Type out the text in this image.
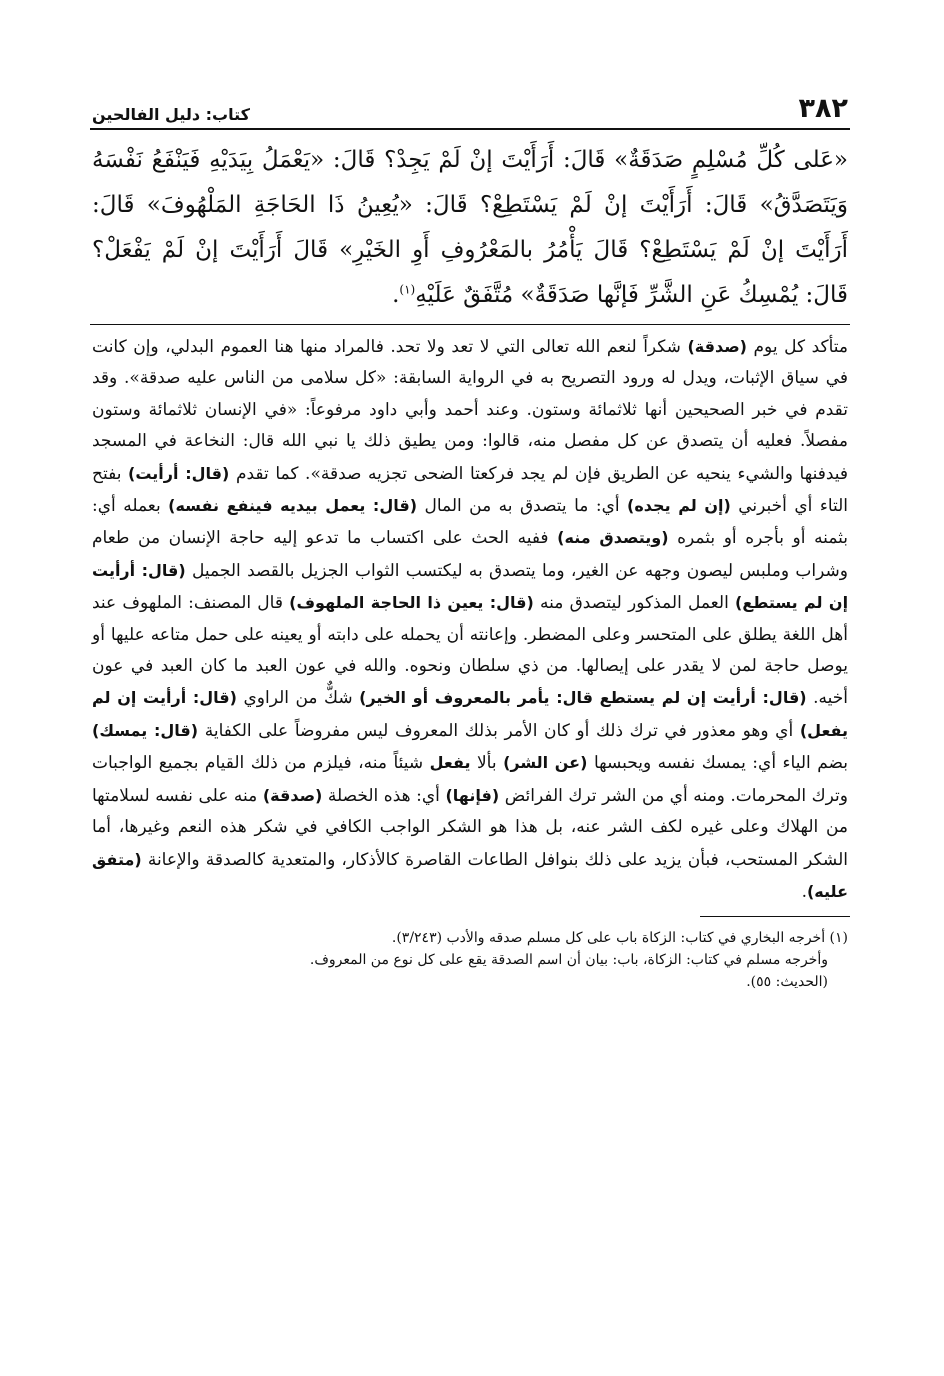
٣٨٢
كتاب: دليل الفالحين
«عَلى كُلِّ مُسْلِمٍ صَدَقَةٌ» قَالَ: أَرَأَيْتَ إنْ لَمْ يَجِدْ؟ قَالَ: «يَعْمَلُ بِيَدَيْهِ فَيَنْفَعُ نَفْسَهُ وَيَتَصَدَّقُ» قَالَ: أَرَأَيْتَ إنْ لَمْ يَسْتَطِعْ؟ قَالَ: «يُعِينُ ذَا الحَاجَةِ المَلْهُوفَ» قَالَ: أَرَأَيْتَ إنْ لَمْ يَسْتَطِعْ؟ قَالَ يَأْمُرُ بالمَعْرُوفِ أَوِ الخَيْرِ» قَالَ أَرَأَيْتَ إنْ لَمْ يَفْعَلْ؟ قَالَ: يُمْسِكُ عَنِ الشَّرِّ فَإنَّها صَدَقَةٌ» مُتَّفَقٌ عَلَيْهِ$^{(١)}$.
متأكد كل يوم (صدقة) شكراً لنعم الله تعالى التي لا تعد ولا تحد. فالمراد منها هنا العموم البدلي، وإن كانت في سياق الإثبات، ويدل له ورود التصريح به في الرواية السابقة: «كل سلامى من الناس عليه صدقة». وقد تقدم في خبر الصحيحين أنها ثلاثمائة وستون. وعند أحمد وأبي داود مرفوعاً: «في الإنسان ثلاثمائة وستون مفصلاً. فعليه أن يتصدق عن كل مفصل منه، قالوا: ومن يطيق ذلك يا نبي الله قال: النخاعة في المسجد فيدفنها والشيء ينحيه عن الطريق فإن لم يجد فركعتا الضحى تجزيه صدقة». كما تقدم (قال: أرأيت) بفتح التاء أي أخبرني (إن لم يجده) أي: ما يتصدق به من المال (قال: يعمل بيديه فينفع نفسه) بعمله أي: بثمنه أو بأجره أو بثمره (ويتصدق منه) ففيه الحث على اكتساب ما تدعو إليه حاجة الإنسان من طعام وشراب وملبس ليصون وجهه عن الغير، وما يتصدق به ليكتسب الثواب الجزيل بالقصد الجميل (قال: أرأيت إن لم يستطع) العمل المذكور ليتصدق منه (قال: يعين ذا الحاجة الملهوف) قال المصنف: الملهوف عند أهل اللغة يطلق على المتحسر وعلى المضطر. وإعانته أن يحمله على دابته أو يعينه على حمل متاعه عليها أو يوصل حاجة لمن لا يقدر على إيصالها. من ذي سلطان ونحوه. والله في عون العبد ما كان العبد في عون أخيه. (قال: أرأيت إن لم يستطع قال: يأمر بالمعروف أو الخير) شكٌّ من الراوي (قال: أرأيت إن لم يفعل) أي وهو معذور في ترك ذلك أو كان الأمر بذلك المعروف ليس مفروضاً على الكفاية (قال: يمسك) بضم الياء أي: يمسك نفسه ويحبسها (عن الشر) بألا يفعل شيئاً منه، فيلزم من ذلك القيام بجميع الواجبات وترك المحرمات. ومنه أي من الشر ترك الفرائض (فإنها) أي: هذه الخصلة (صدقة) منه على نفسه لسلامتها من الهلاك وعلى غيره لكف الشر عنه، بل هذا هو الشكر الواجب الكافي في شكر هذه النعم وغيرها، أما الشكر المستحب، فبأن يزيد على ذلك بنوافل الطاعات القاصرة كالأذكار، والمتعدية كالصدقة والإعانة (متفق عليه).
(١) أخرجه البخاري في كتاب: الزكاة باب على كل مسلم صدقه والأدب (٣/٢٤٣).
وأخرجه مسلم في كتاب: الزكاة، باب: بيان أن اسم الصدقة يقع على كل نوع من المعروف.
(الحديث: ٥٥).
